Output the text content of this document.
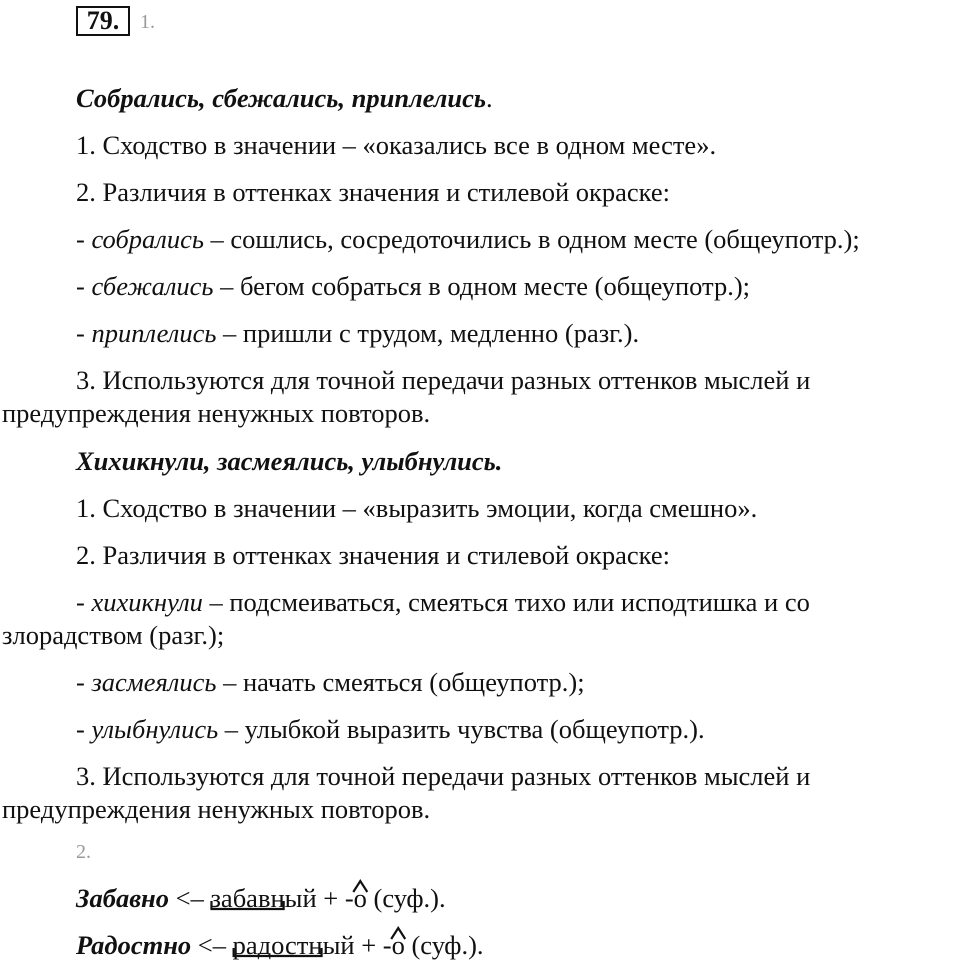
79.	1.
Собрались, сбежались, приплелись.
1. Сходство в значении – «оказались все в одном месте».
2. Различия в оттенках значения и стилевой окраске:
- собрались – сошлись, сосредоточились в одном месте (общеупотр.);
- сбежались – бегом собраться в одном месте (общеупотр.);
- приплелись – пришли с трудом, медленно (разг.).
3. Используются для точной передачи разных оттенков мыслей и
предупреждения ненужных повторов.
Хихикнули, засмеялись, улыбнулись.
1. Сходство в значении – «выразить эмоции, когда смешно».
2. Различия в оттенках значения и стилевой окраске:
- хихикнули – подсмеиваться, смеяться тихо или исподтишка и со
злорадством (разг.);
- засмеялись – начать смеяться (общеупотр.);
- улыбнулись – улыбкой выразить чувства (общеупотр.).
3. Используются для точной передачи разных оттенков мыслей и
предупреждения ненужных повторов.
2.
Забавно <– забавный + -о (суф.).
Радостно <– радостный + -о (суф.).
